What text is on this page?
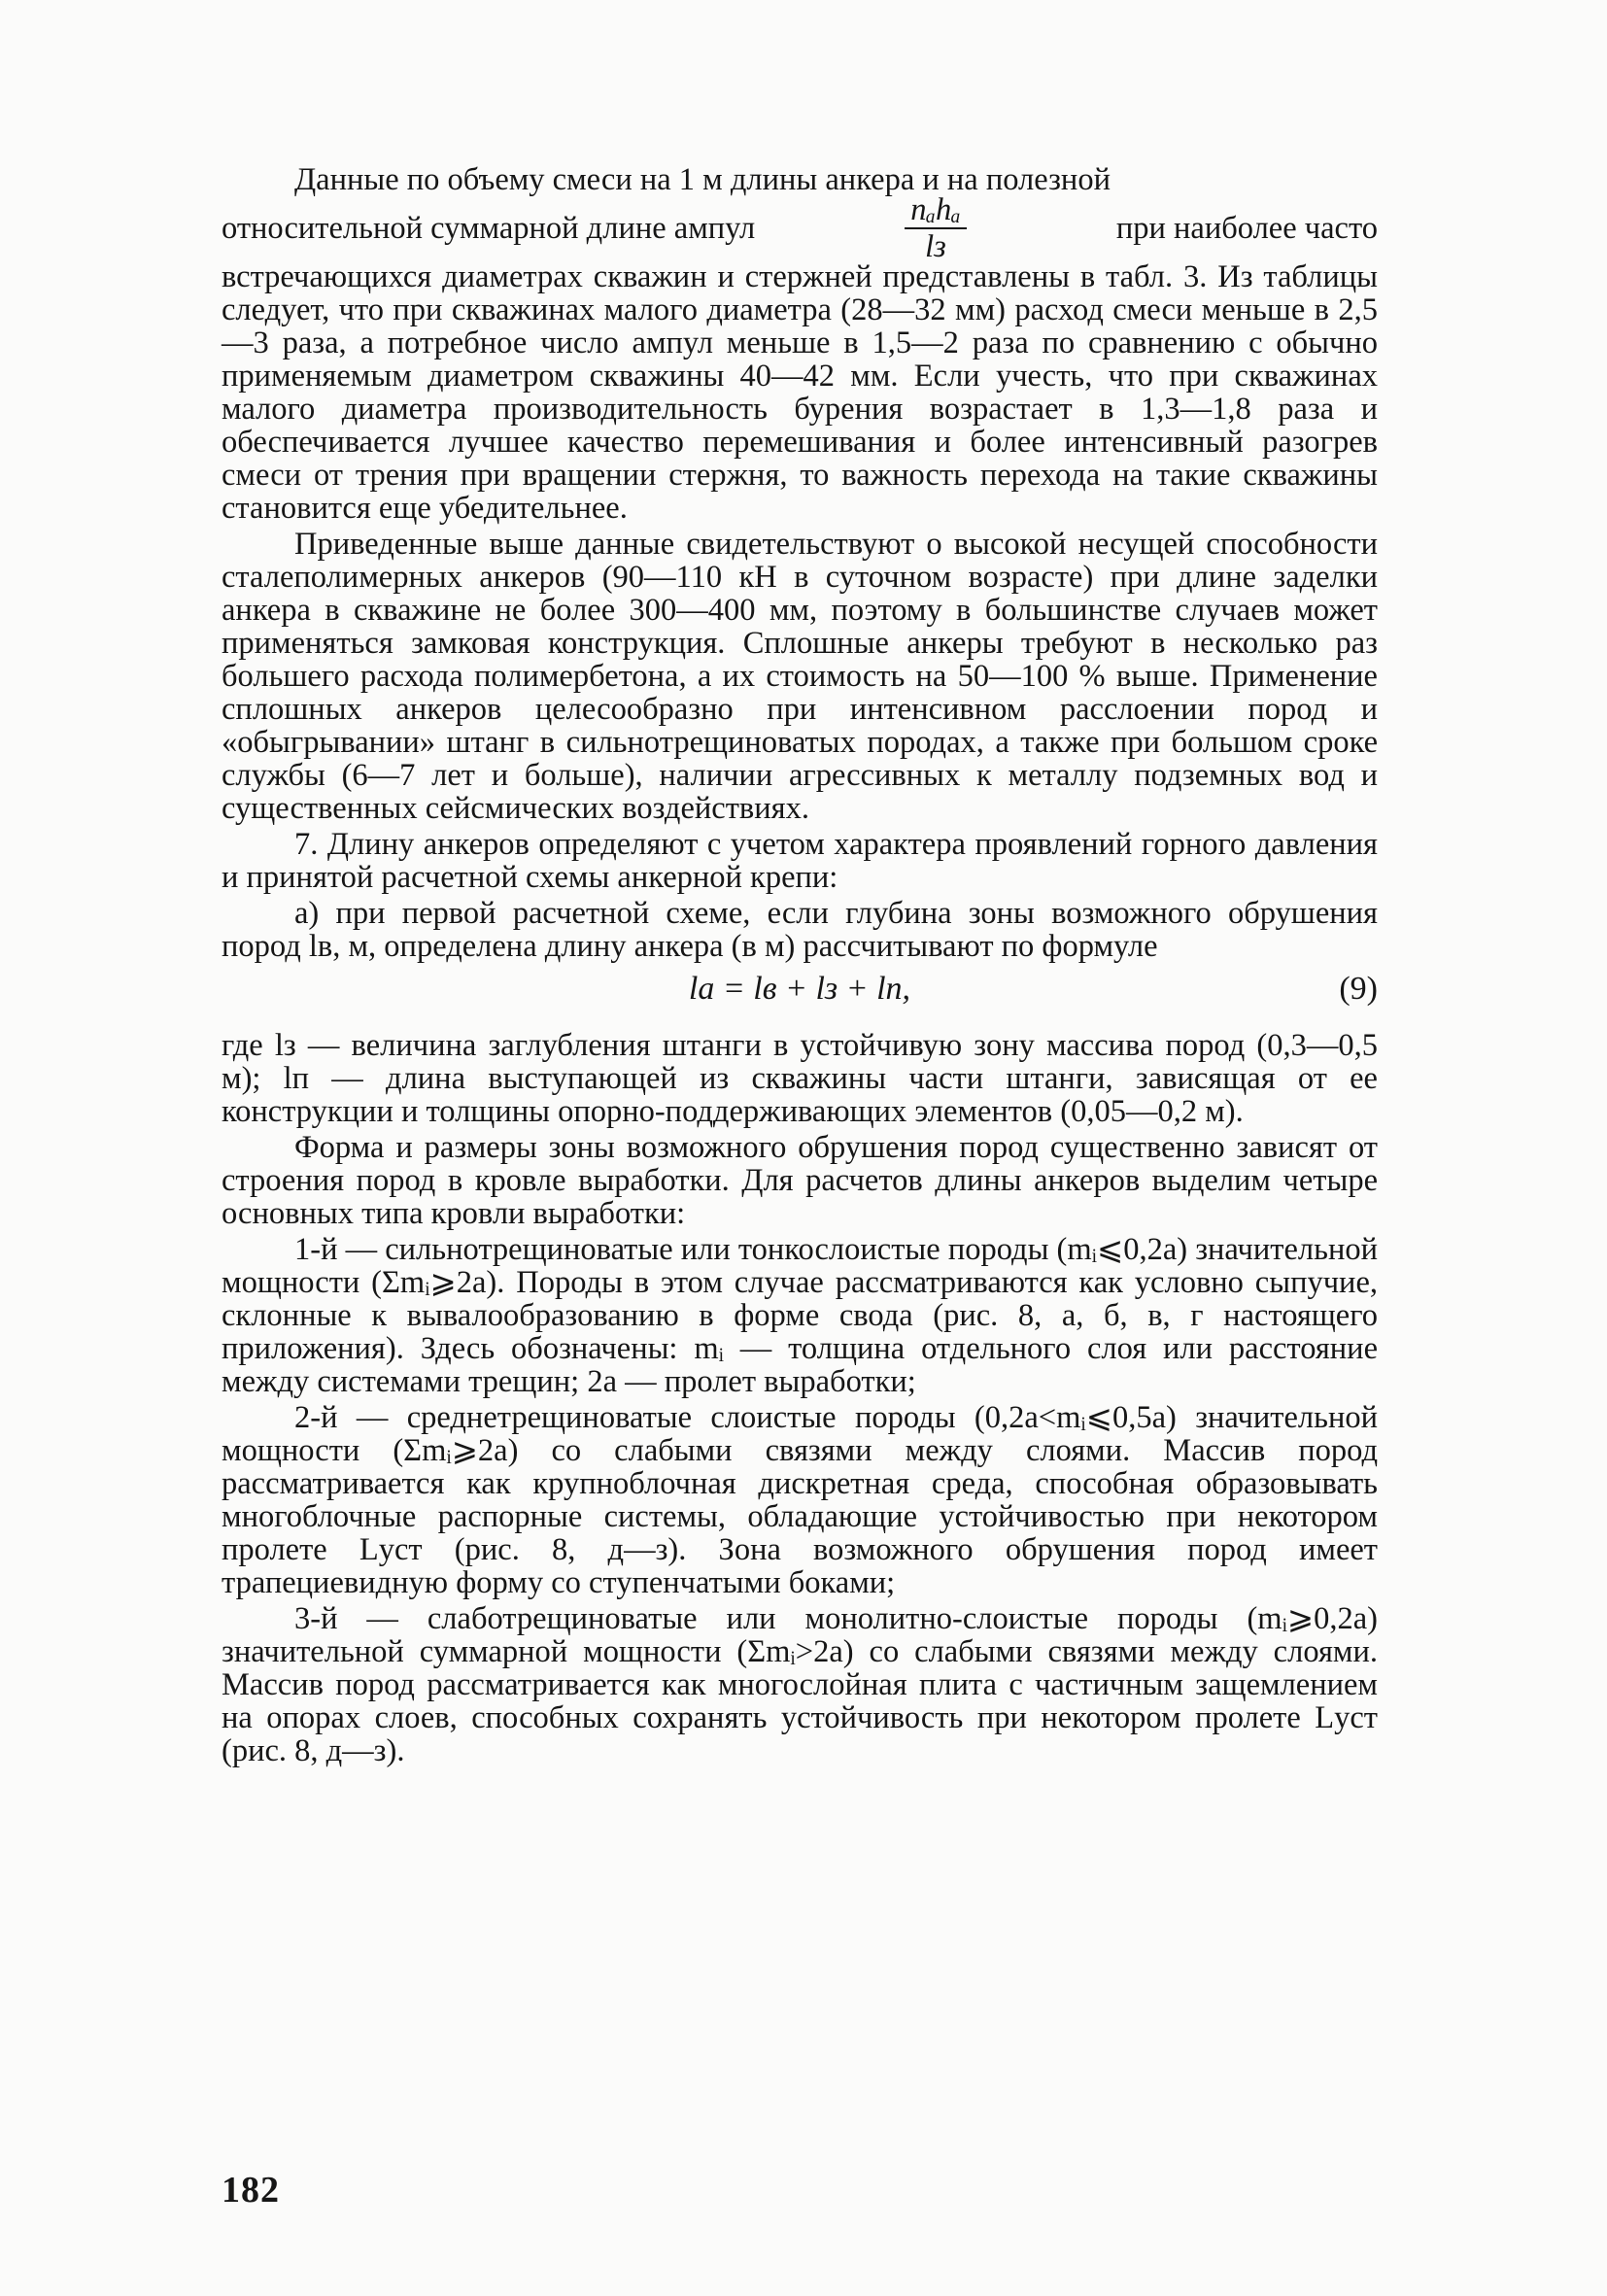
Данные по объему смеси на 1 м длины анкера и на полезной

относительной суммарной длине ампул	$\frac{\text{nₐhₐ}}{lз}$	при наиболее часто

встречающихся диаметрах скважин и стержней представлены в табл. 3. Из таблицы следует, что при скважинах малого диаметра (28—32 мм) расход смеси меньше в 2,5—3 раза, а потребное число ампул меньше в 1,5—2 раза по сравнению с обычно применяемым диаметром скважины 40—42 мм. Если учесть, что при скважинах малого диаметра производительность бурения возрастает в 1,3—1,8 раза и обеспечивается лучшее качество перемешивания и более интенсивный разогрев смеси от трения при вращении стержня, то важность перехода на такие скважины становится еще убедительнее.

Приведенные выше данные свидетельствуют о высокой несущей способности сталеполимерных анкеров (90—110 кН в суточном возрасте) при длине заделки анкера в скважине не более 300—400 мм, поэтому в большинстве случаев может применяться замковая конструкция. Сплошные анкеры требуют в несколько раз большего расхода полимербетона, а их стоимость на 50—100 % выше. Применение сплошных анкеров целесообразно при интенсивном расслоении пород и «обыгрывании» штанг в сильнотрещиноватых породах, а также при большом сроке службы (6—7 лет и больше), наличии агрессивных к металлу подземных вод и существенных сейсмических воздействиях.

7. Длину анкеров определяют с учетом характера проявлений горного давления и принятой расчетной схемы анкерной крепи:

а) при первой расчетной схеме, если глубина зоны возможного обрушения пород lв, м, определена длину анкера (в м) рассчитывают по формуле

lа = lв + lз + lп,	(9)

где lз — величина заглубления штанги в устойчивую зону массива пород (0,3—0,5 м); lп — длина выступающей из скважины части штанги, зависящая от ее конструкции и толщины опорно-поддерживающих элементов (0,05—0,2 м).

Форма и размеры зоны возможного обрушения пород существенно зависят от строения пород в кровле выработки. Для расчетов длины анкеров выделим четыре основных типа кровли выработки:

1-й — сильнотрещиноватые или тонкослоистые породы (mᵢ⩽0,2a) значительной мощности (Σmᵢ⩾2a). Породы в этом случае рассматриваются как условно сыпучие, склонные к вывалообразованию в форме свода (рис. 8, а, б, в, г настоящего приложения). Здесь обозначены: mᵢ — толщина отдельного слоя или расстояние между системами трещин; 2a — пролет выработки;

2-й — среднетрещиноватые слоистые породы (0,2a<mᵢ⩽0,5a) значительной мощности (Σmᵢ⩾2a) со слабыми связями между слоями. Массив пород рассматривается как крупноблочная дискретная среда, способная образовывать многоблочные распорные системы, обладающие устойчивостью при некотором пролете Lуст (рис. 8, д—з). Зона возможного обрушения пород имеет трапециевидную форму со ступенчатыми боками;

3-й — слаботрещиноватые или монолитно-слоистые породы (mᵢ⩾0,2a) значительной суммарной мощности (Σmᵢ>2a) со слабыми связями между слоями. Массив пород рассматривается как многослойная плита с частичным защемлением на опорах слоев, способных сохранять устойчивость при некотором пролете Lуст (рис. 8, д—з).

182
